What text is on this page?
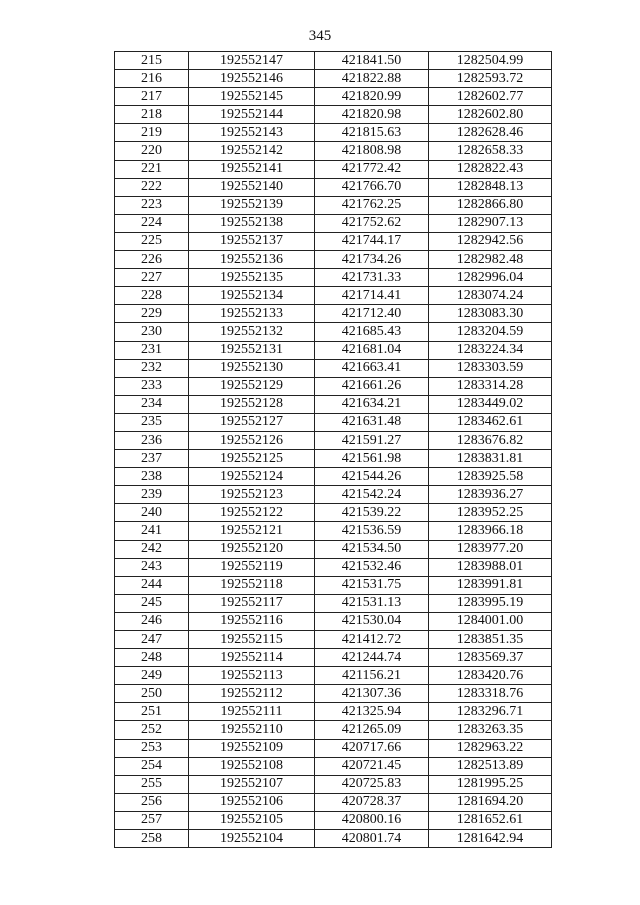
345
215	192552147	421841.50	1282504.99
216	192552146	421822.88	1282593.72
217	192552145	421820.99	1282602.77
218	192552144	421820.98	1282602.80
219	192552143	421815.63	1282628.46
220	192552142	421808.98	1282658.33
221	192552141	421772.42	1282822.43
222	192552140	421766.70	1282848.13
223	192552139	421762.25	1282866.80
224	192552138	421752.62	1282907.13
225	192552137	421744.17	1282942.56
226	192552136	421734.26	1282982.48
227	192552135	421731.33	1282996.04
228	192552134	421714.41	1283074.24
229	192552133	421712.40	1283083.30
230	192552132	421685.43	1283204.59
231	192552131	421681.04	1283224.34
232	192552130	421663.41	1283303.59
233	192552129	421661.26	1283314.28
234	192552128	421634.21	1283449.02
235	192552127	421631.48	1283462.61
236	192552126	421591.27	1283676.82
237	192552125	421561.98	1283831.81
238	192552124	421544.26	1283925.58
239	192552123	421542.24	1283936.27
240	192552122	421539.22	1283952.25
241	192552121	421536.59	1283966.18
242	192552120	421534.50	1283977.20
243	192552119	421532.46	1283988.01
244	192552118	421531.75	1283991.81
245	192552117	421531.13	1283995.19
246	192552116	421530.04	1284001.00
247	192552115	421412.72	1283851.35
248	192552114	421244.74	1283569.37
249	192552113	421156.21	1283420.76
250	192552112	421307.36	1283318.76
251	192552111	421325.94	1283296.71
252	192552110	421265.09	1283263.35
253	192552109	420717.66	1282963.22
254	192552108	420721.45	1282513.89
255	192552107	420725.83	1281995.25
256	192552106	420728.37	1281694.20
257	192552105	420800.16	1281652.61
258	192552104	420801.74	1281642.94
